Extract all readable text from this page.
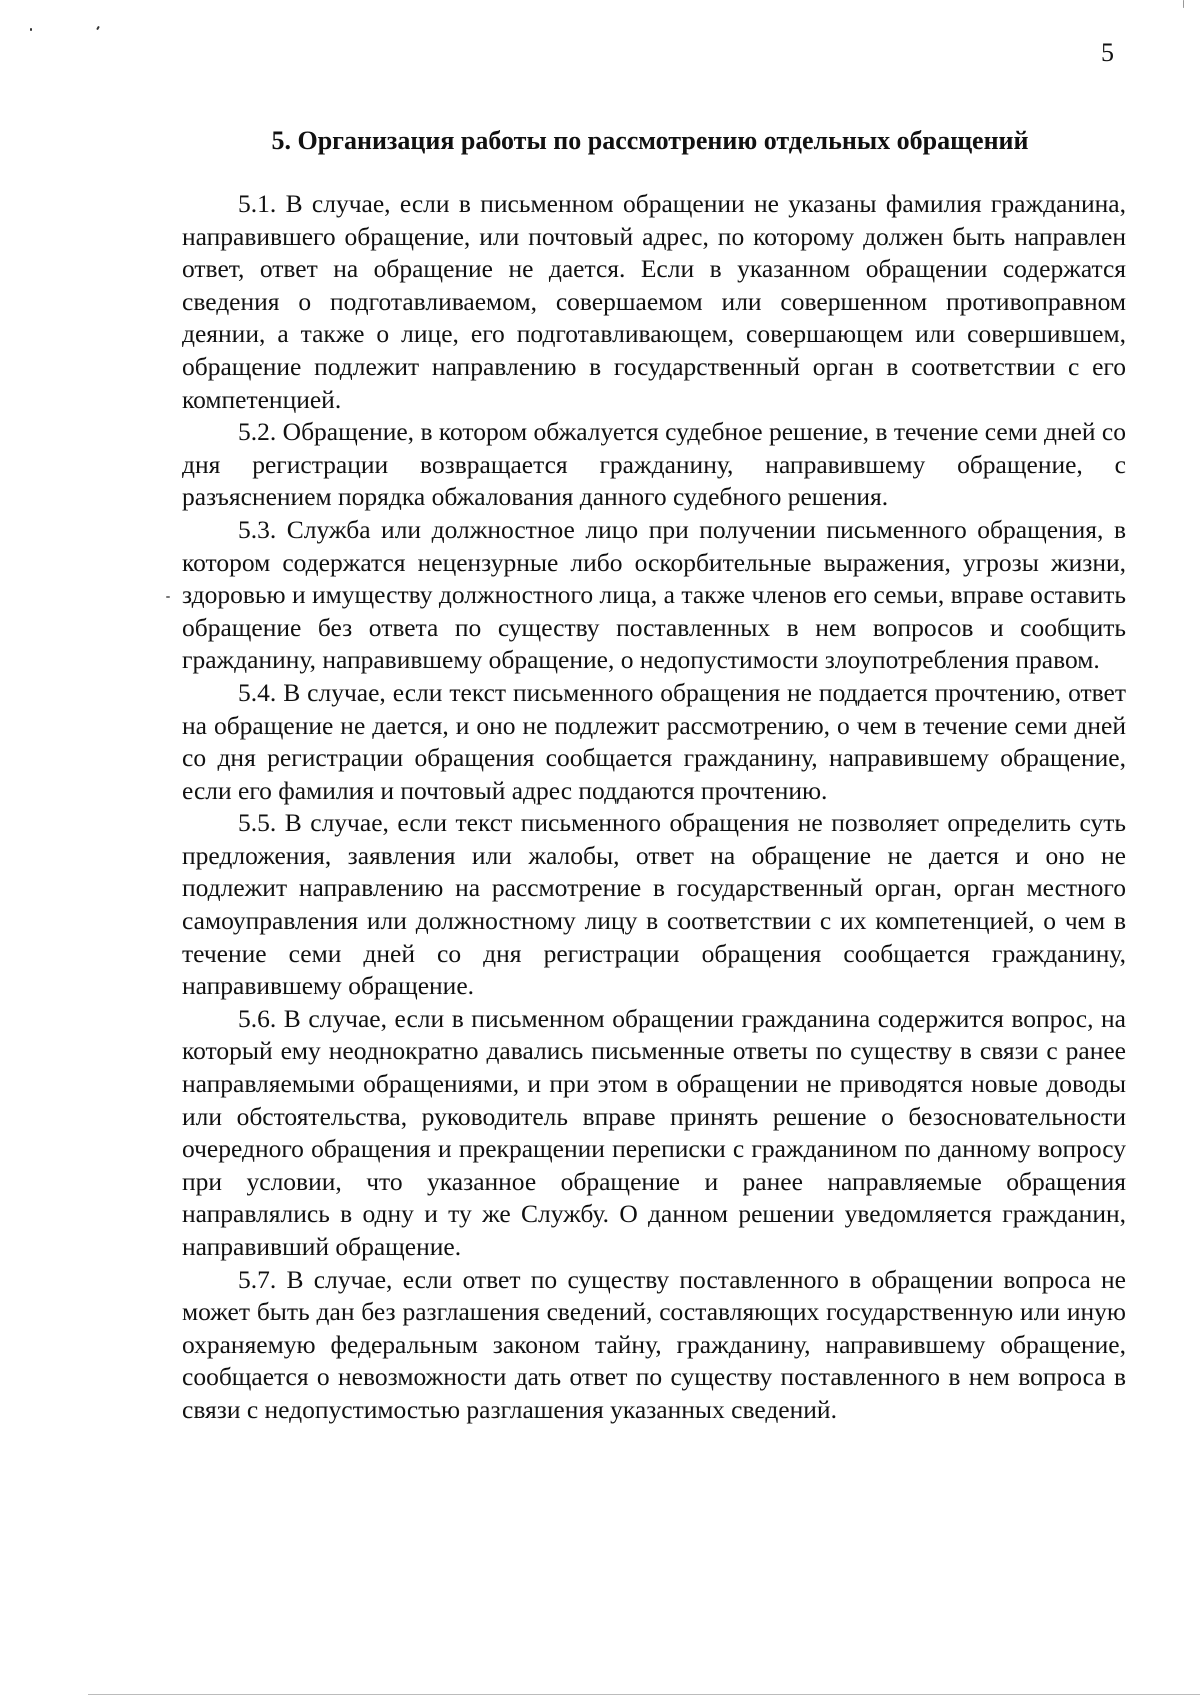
5
5. Организация работы по рассмотрению отдельных обращений

5.1. В случае, если в письменном обращении не указаны фамилия гражданина, направившего обращение, или почтовый адрес, по которому должен быть направлен ответ, ответ на обращение не дается. Если в указанном обращении содержатся сведения о подготавливаемом, совершаемом или совершенном противоправном деянии, а также о лице, его подготавливающем, совершающем или совершившем, обращение подлежит направлению в государственный орган в соответствии с его компетенцией.

5.2. Обращение, в котором обжалуется судебное решение, в течение семи дней со дня регистрации возвращается гражданину, направившему обращение, с разъяснением порядка обжалования данного судебного решения.

5.3. Служба или должностное лицо при получении письменного обращения, в котором содержатся нецензурные либо оскорбительные выражения, угрозы жизни, здоровью и имуществу должностного лица, а также членов его семьи, вправе оставить обращение без ответа по существу поставленных в нем вопросов и сообщить гражданину, направившему обращение, о недопустимости злоупотребления правом.

5.4. В случае, если текст письменного обращения не поддается прочтению, ответ на обращение не дается, и оно не подлежит рассмотрению, о чем в течение семи дней со дня регистрации обращения сообщается гражданину, направившему обращение, если его фамилия и почтовый адрес поддаются прочтению.

5.5. В случае, если текст письменного обращения не позволяет определить суть предложения, заявления или жалобы, ответ на обращение не дается и оно не подлежит направлению на рассмотрение в государственный орган, орган местного самоуправления или должностному лицу в соответствии с их компетенцией, о чем в течение семи дней со дня регистрации обращения сообщается гражданину, направившему обращение.

5.6. В случае, если в письменном обращении гражданина содержится вопрос, на который ему неоднократно давались письменные ответы по существу в связи с ранее направляемыми обращениями, и при этом в обращении не приводятся новые доводы или обстоятельства, руководитель вправе принять решение о безосновательности очередного обращения и прекращении переписки с гражданином по данному вопросу при условии, что указанное обращение и ранее направляемые обращения направлялись в одну и ту же Службу. О данном решении уведомляется гражданин, направивший обращение.

5.7. В случае, если ответ по существу поставленного в обращении вопроса не может быть дан без разглашения сведений, составляющих государственную или иную охраняемую федеральным законом тайну, гражданину, направившему обращение, сообщается о невозможности дать ответ по существу поставленного в нем вопроса в связи с недопустимостью разглашения указанных сведений.
